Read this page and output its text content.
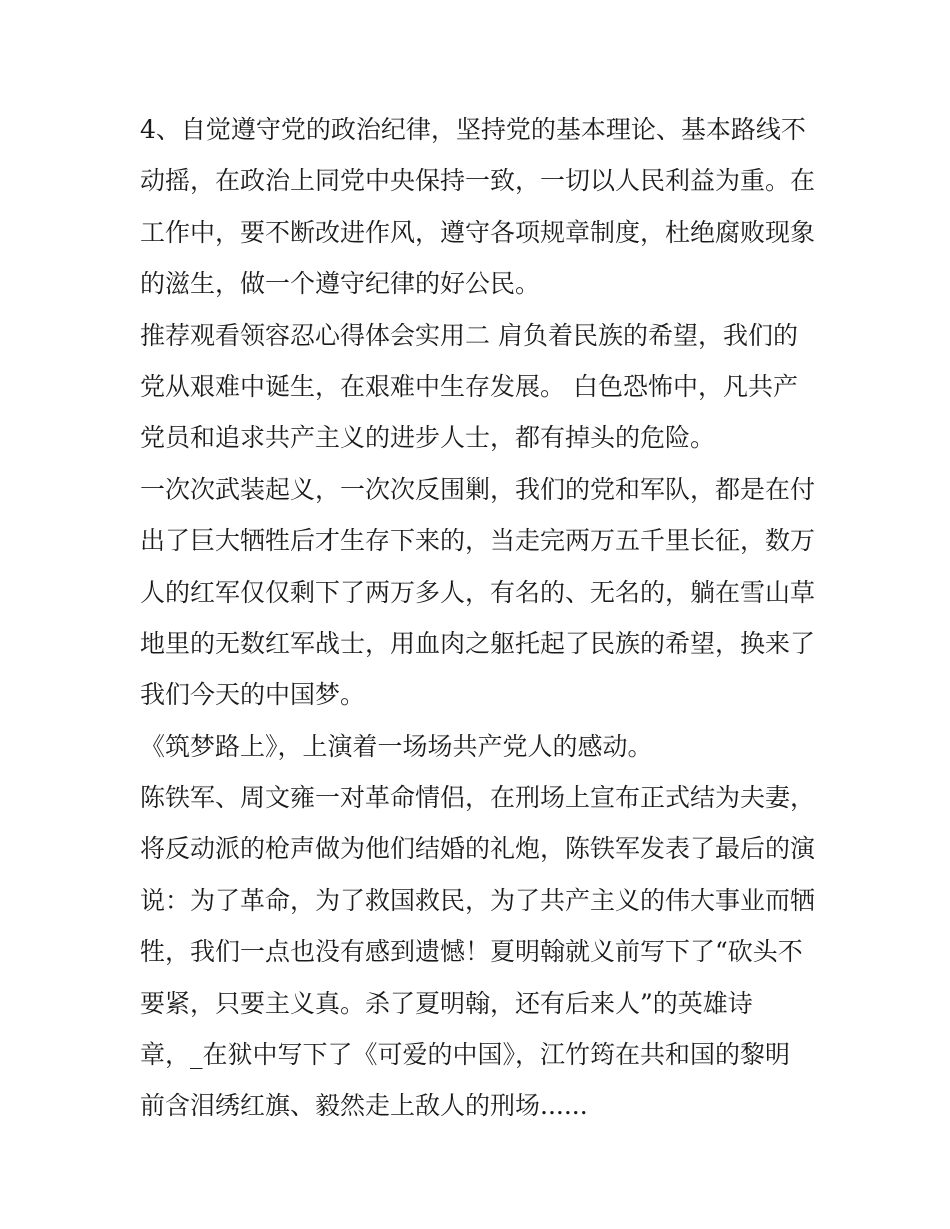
4、自觉遵守党的政治纪律，坚持党的基本理论、基本路线不
动摇，在政治上同党中央保持一致，一切以人民利益为重。在
工作中，要不断改进作风，遵守各项规章制度，杜绝腐败现象
的滋生，做一个遵守纪律的好公民。
推荐观看领容忍心得体会实用二 肩负着民族的希望，我们的
党从艰难中诞生，在艰难中生存发展。 白色恐怖中，凡共产
党员和追求共产主义的进步人士，都有掉头的危险。
一次次武装起义，一次次反围剿，我们的党和军队，都是在付
出了巨大牺牲后才生存下来的，当走完两万五千里长征，数万
人的红军仅仅剩下了两万多人，有名的、无名的，躺在雪山草
地里的无数红军战士，用血肉之躯托起了民族的希望，换来了
我们今天的中国梦。
《筑梦路上》，上演着一场场共产党人的感动。
陈铁军、周文雍一对革命情侣，在刑场上宣布正式结为夫妻，
将反动派的枪声做为他们结婚的礼炮，陈铁军发表了最后的演
说：为了革命，为了救国救民，为了共产主义的伟大事业而牺
牲，我们一点也没有感到遗憾！夏明翰就义前写下了“砍头不
要紧，只要主义真。杀了夏明翰，还有后来人”的英雄诗
章，_在狱中写下了《可爱的中国》，江竹筠在共和国的黎明
前含泪绣红旗、毅然走上敌人的刑场......
